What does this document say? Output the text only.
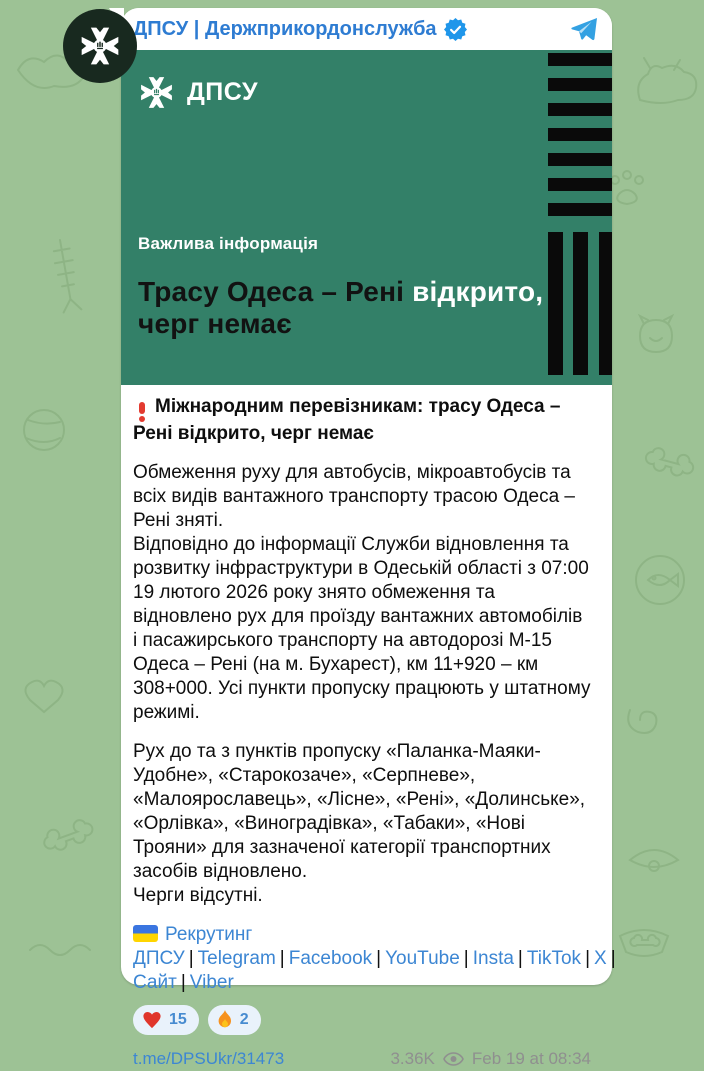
ДПСУ | Держприкордонслужба
ДПСУ
Важлива інформація
Трасу Одеса – Рені відкрито,
черг немає
Міжнародним перевізникам: трасу Одеса – Рені відкрито, черг немає
Обмеження руху для автобусів, мікроавтобусів та всіх видів вантажного транспорту трасою Одеса – Рені зняті.
Відповідно до інформації Служби відновлення та розвитку інфраструктури в Одеській області з 07:00 19 лютого 2026 року знято обмеження та відновлено рух для проїзду вантажних автомобілів і пасажирського транспорту на автодорозі М-15 Одеса – Рені (на м. Бухарест), км 11+920 – км 308+000. Усі пункти пропуску працюють у штатному режимі.
Рух до та з пунктів пропуску «Паланка-Маяки-Удобне», «Старокозаче», «Серпневе», «Малоярославець», «Лісне», «Рені», «Долинське», «Орлівка», «Виноградівка», «Табаки», «Нові Трояни» для зазначеної категорії транспортних засобів відновлено.
Черги відсутні.
Рекрутинг ДПСУ | Telegram | Facebook | YouTube | Insta | TikTok | X |Сайт | Viber
15	2
t.me/DPSUkr/31473	3.36K Feb 19 at 08:34
